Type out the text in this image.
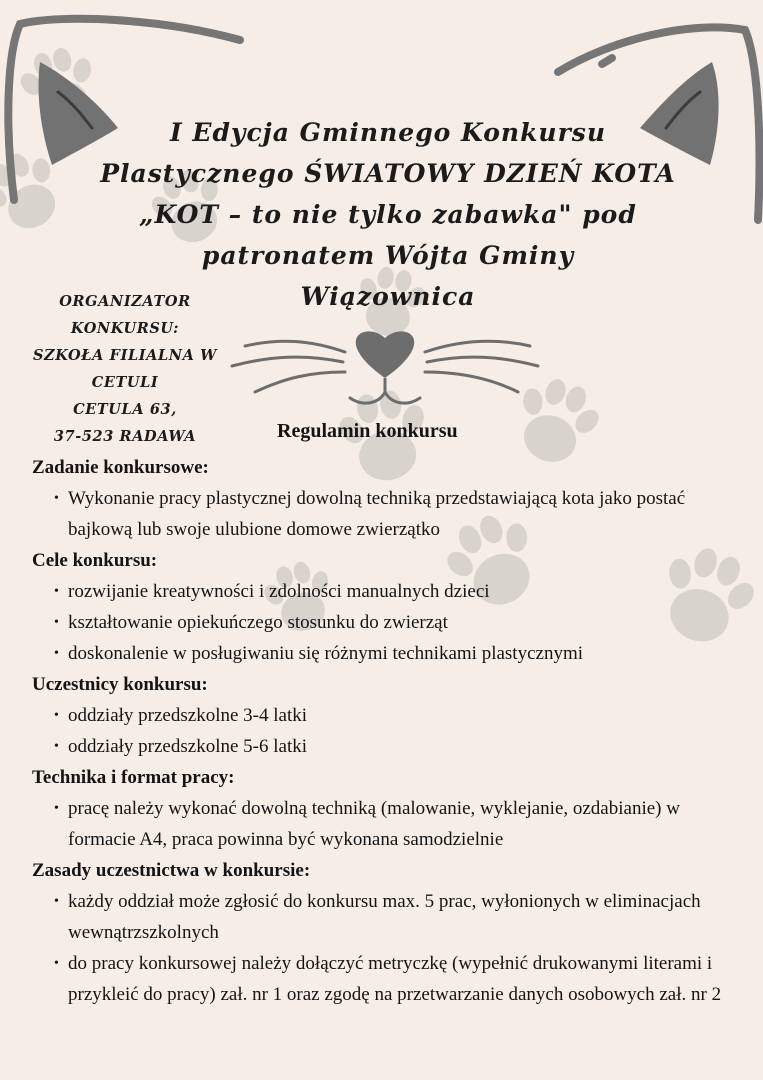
I Edycja Gminnego Konkursu
Plastycznego ŚWIATOWY DZIEŃ KOTA
„KOT – to nie tylko zabawka" pod
patronatem Wójta Gminy
Wiązownica
ORGANIZATOR
KONKURSU:
SZKOŁA FILIALNA W
CETULI
CETULA 63,
37-523 RADAWA	Regulamin konkursu

Zadanie konkursowe:

• Wykonanie pracy plastycznej dowolną techniką przedstawiającą kota jako postać bajkową lub swoje ulubione domowe zwierzątko

Cele konkursu:

• rozwijanie kreatywności i zdolności manualnych dzieci
• kształtowanie opiekuńczego stosunku do zwierząt
• doskonalenie w posługiwaniu się różnymi technikami plastycznymi

Uczestnicy konkursu:

• oddziały przedszkolne 3-4 latki
• oddziały przedszkolne 5-6 latki

Technika i format pracy:

• pracę należy wykonać dowolną techniką (malowanie, wyklejanie, ozdabianie) w formacie A4, praca powinna być wykonana samodzielnie

Zasady uczestnictwa w konkursie:

• każdy oddział może zgłosić do konkursu max. 5 prac, wyłonionych w eliminacjach wewnątrzszkolnych
• do pracy konkursowej należy dołączyć metryczkę (wypełnić drukowanymi literami i przykleić do pracy) zał. nr 1 oraz zgodę na przetwarzanie danych osobowych zał. nr 2
